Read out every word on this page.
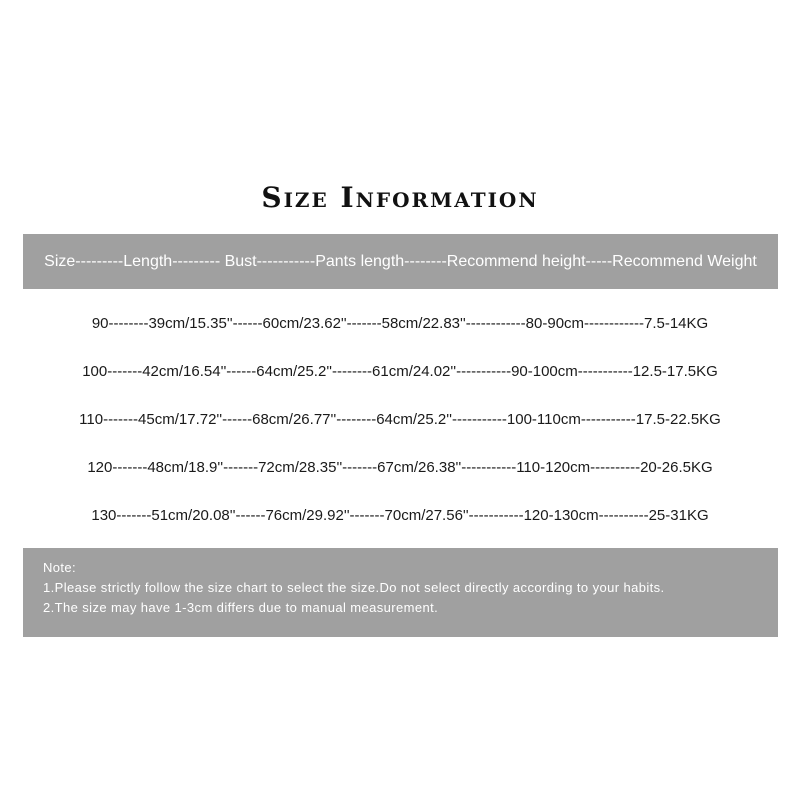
Size Information
Size---------Length--------- Bust-----------Pants length--------Recommend height-----Recommend Weight
90--------39cm/15.35''------60cm/23.62''-------58cm/22.83''------------80-90cm------------7.5-14KG
100-------42cm/16.54''------64cm/25.2''--------61cm/24.02''-----------90-100cm-----------12.5-17.5KG
110-------45cm/17.72''------68cm/26.77''--------64cm/25.2''-----------100-110cm-----------17.5-22.5KG
120-------48cm/18.9''-------72cm/28.35''-------67cm/26.38''-----------110-120cm----------20-26.5KG
130-------51cm/20.08''------76cm/29.92''-------70cm/27.56''-----------120-130cm----------25-31KG
Note:
1.Please strictly follow the size chart to select the size.Do not select directly according to your habits.
2.The size may have 1-3cm differs due to manual measurement.
